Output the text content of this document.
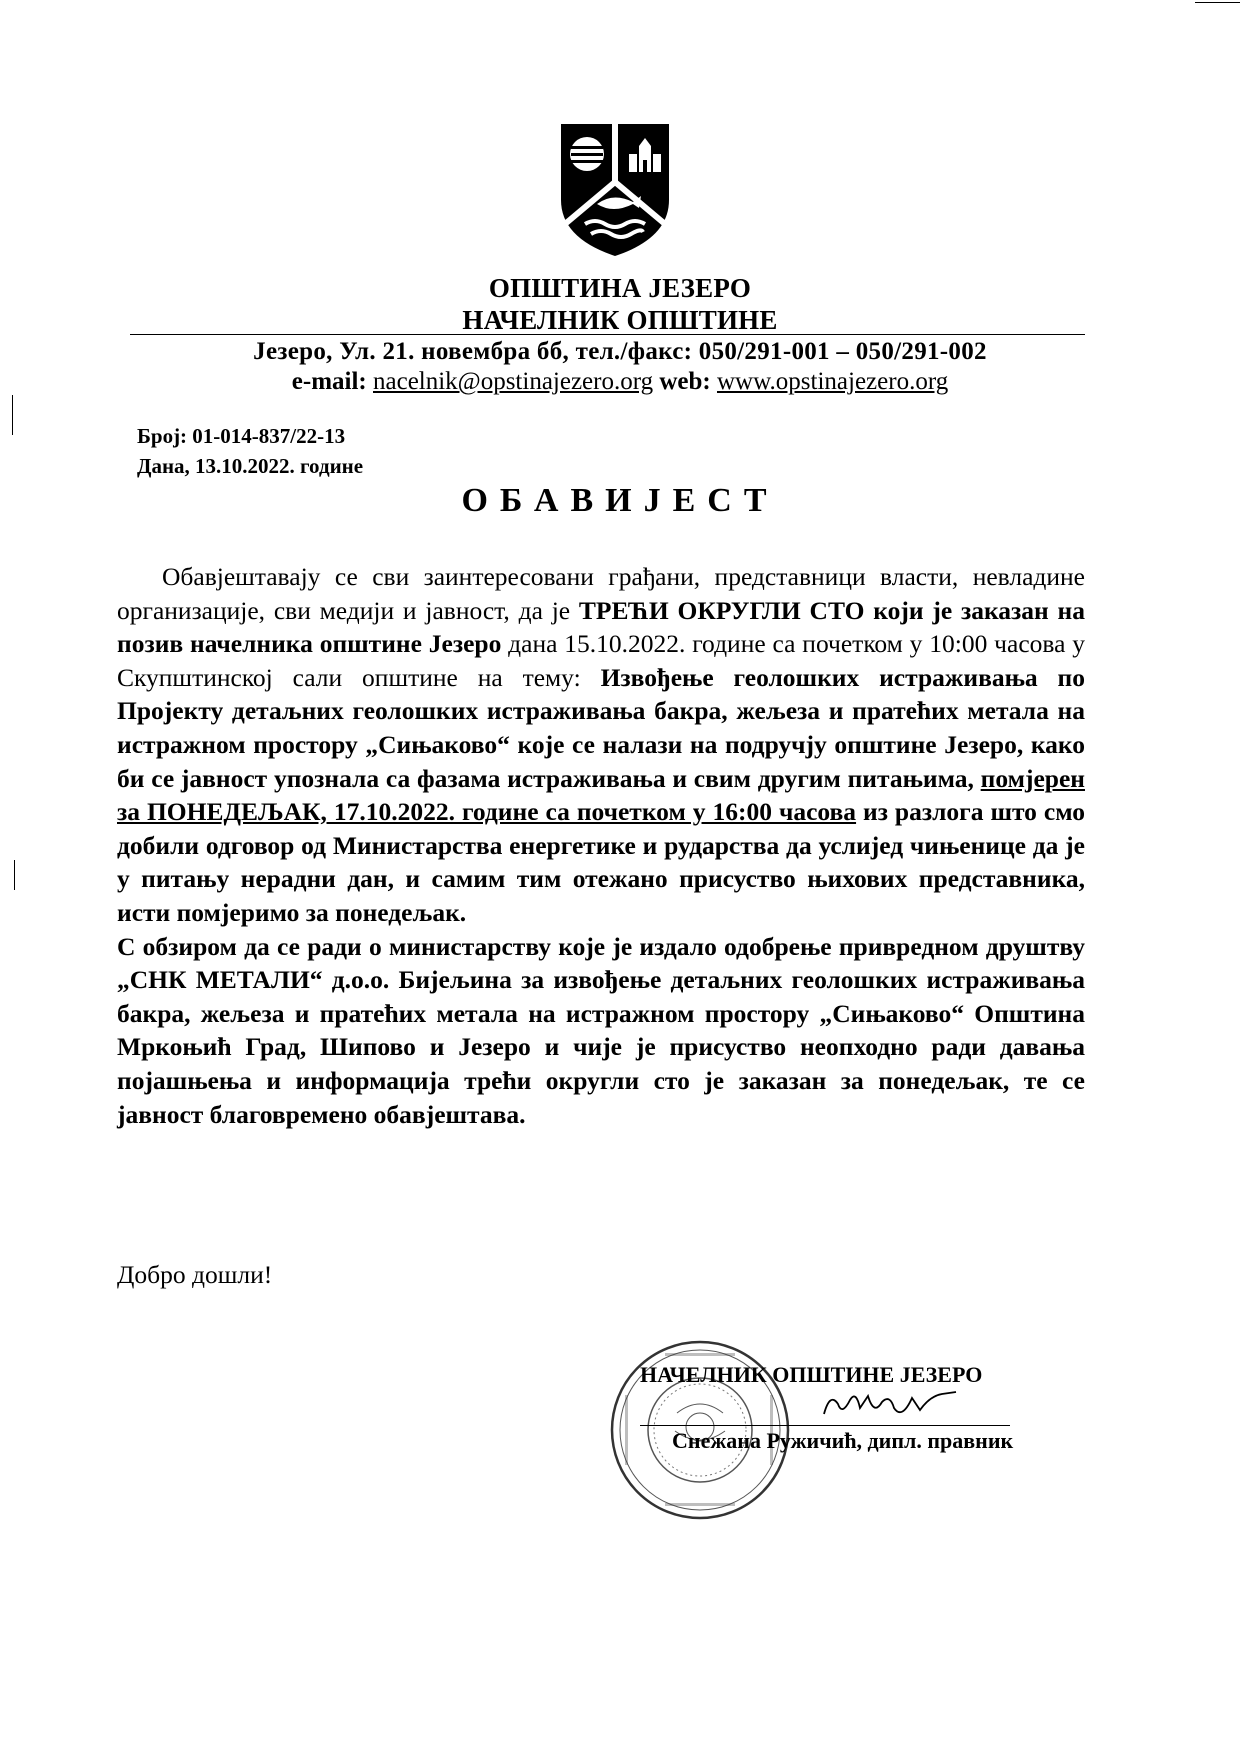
ОПШТИНА ЈЕЗЕРО
НАЧЕЛНИК ОПШТИНЕ
Језеро, Ул. 21. новембра бб, тел./факс: 050/291-001 – 050/291-002
e-mail: nacelnik@opstinajezero.org web: www.opstinajezero.org
Број: 01-014-837/22-13
Дана, 13.10.2022. године
ОБАВИЈЕСТ

Обавјештавају се сви заинтересовани грађани, представници власти, невладине организације, сви медији и јавност, да је ТРЕЋИ ОКРУГЛИ СТО који је заказан на позив начелника општине Језеро дана 15.10.2022. године са почетком у 10:00 часова у Скупштинској сали општине на тему: Извођење геолошких истраживања по Пројекту детаљних геолошких истраживања бакра, жељеза и пратећих метала на истражном простору „Сињаково“ које се налази на подручју општине Језеро, како би се јавност упознала са фазама истраживања и свим другим питањима, помјерен за ПОНЕДЕЉАК, 17.10.2022. године са почетком у 16:00 часова из разлога што смо добили одговор од Министарства енергетике и рударства да услијед чињенице да је у питању нерадни дан, и самим тим отежано присуство њихових представника, исти помјеримо за понедељак.

С обзиром да се ради о министарству које је издало одобрење привредном друштву „СНК МЕТАЛИ“ д.о.о. Бијељина за извођење детаљних геолошких истраживања бакра, жељеза и пратећих метала на истражном простору „Сињаково“ Општина Мркоњић Град, Шипово и Језеро и чије је присуство неопходно ради давања појашњења и информација трећи округли сто је заказан за понедељак, те се јавност благовремено обавјештава.

Добро дошли!
НАЧЕЛНИК ОПШТИНЕ ЈЕЗЕРО
Снежана Ружичић, дипл. правник
